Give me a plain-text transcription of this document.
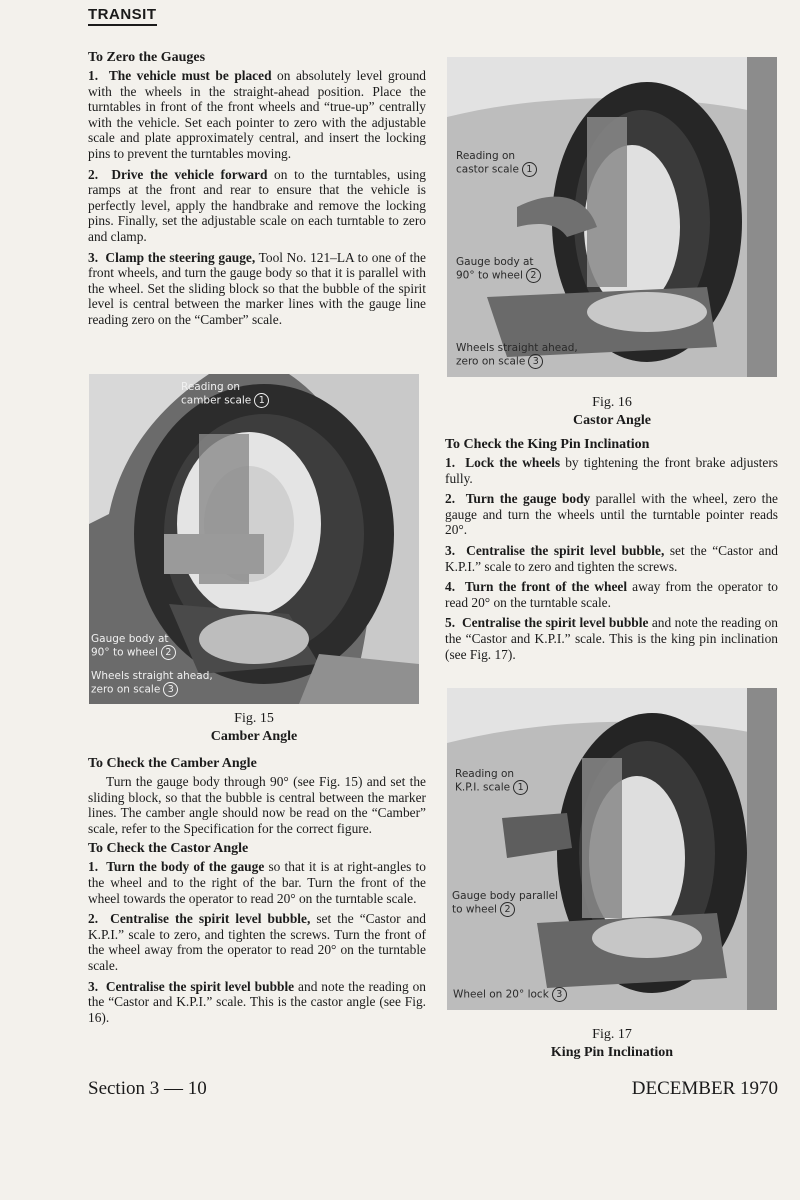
TRANSIT
To Zero the Gauges

1. The vehicle must be placed on absolutely level ground with the wheels in the straight-ahead position. Place the turntables in front of the front wheels and “true-up” centrally with the vehicle. Set each pointer to zero with the adjustable scale and plate approximately central, and insert the locking pins to prevent the turntables moving.

2. Drive the vehicle forward on to the turntables, using ramps at the front and rear to ensure that the vehicle is perfectly level, apply the handbrake and remove the locking pins. Finally, set the adjustable scale on each turntable to zero and clamp.

3. Clamp the steering gauge, Tool No. 121–LA to one of the front wheels, and turn the gauge body so that it is parallel with the wheel. Set the sliding block so that the bubble of the spirit level is central between the marker lines with the gauge line reading zero on the “Camber” scale.

Reading on
camber scale 1
Gauge body at
90° to wheel 2
Wheels straight ahead,
zero on scale 3
Fig. 15
Camber Angle
To Check the Camber Angle

Turn the gauge body through 90° (see Fig. 15) and set the sliding block, so that the bubble is central between the marker lines. The camber angle should now be read on the “Camber” scale, refer to the Specification for the correct figure.

To Check the Castor Angle

1. Turn the body of the gauge so that it is at right-angles to the wheel and to the right of the bar. Turn the front of the wheel towards the operator to read 20° on the turntable scale.

2. Centralise the spirit level bubble, set the “Castor and K.P.I.” scale to zero, and tighten the screws. Turn the front of the wheel away from the operator to read 20° on the turntable scale.

3. Centralise the spirit level bubble and note the reading on the “Castor and K.P.I.” scale. This is the castor angle (see Fig. 16).

Reading on
castor scale 1
Gauge body at
90° to wheel 2
Wheels straight ahead,
zero on scale 3
Fig. 16
Castor Angle
To Check the King Pin Inclination

1. Lock the wheels by tightening the front brake adjusters fully.

2. Turn the gauge body parallel with the wheel, zero the gauge and turn the wheels until the turntable pointer reads 20°.

3. Centralise the spirit level bubble, set the “Castor and K.P.I.” scale to zero and tighten the screws.

4. Turn the front of the wheel away from the operator to read 20° on the turntable scale.

5. Centralise the spirit level bubble and note the reading on the “Castor and K.P.I.” scale. This is the king pin inclination (see Fig. 17).

Reading on
K.P.I. scale 1
Gauge body parallel
to wheel 2
Wheel on 20° lock 3
Fig. 17
King Pin Inclination
Section 3 — 10	DECEMBER 1970
